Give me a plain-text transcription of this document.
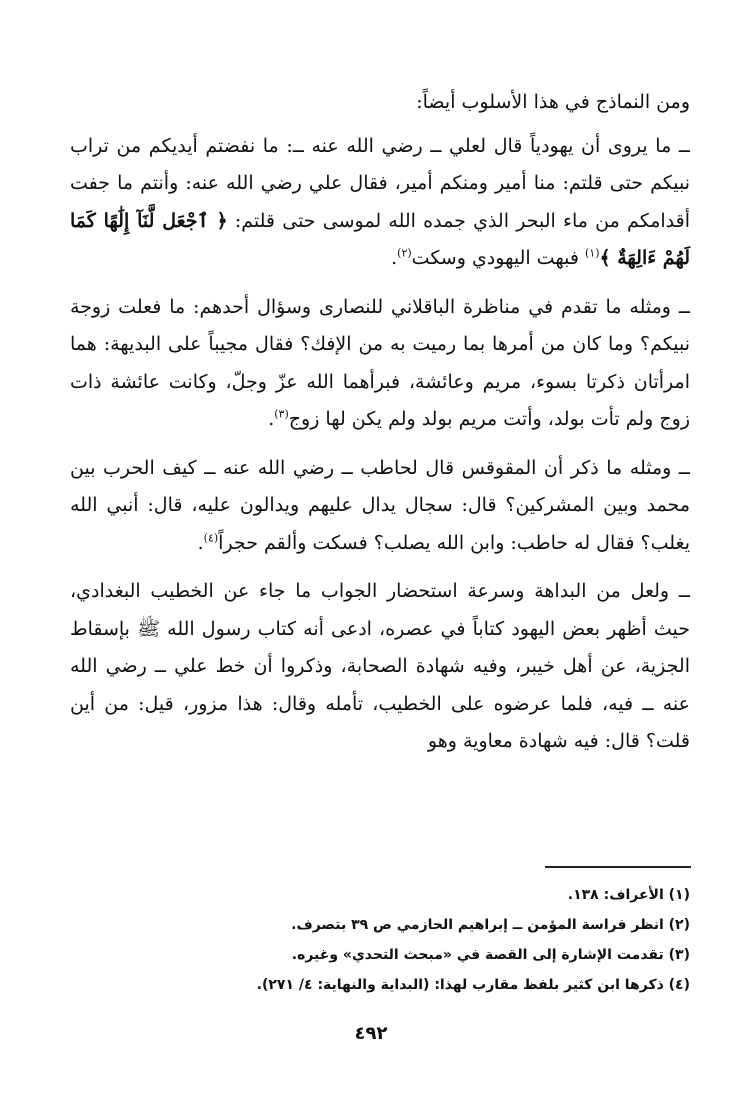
ومن النماذج في هذا الأسلوب أيضاً:

ــ ما يروى أن يهودياً قال لعلي ــ رضي الله عنه ــ: ما نفضتم أيديكم من تراب نبيكم حتى قلتم: منا أمير ومنكم أمير، فقال علي رضي الله عنه: وأنتم ما جفت أقدامكم من ماء البحر الذي جمده الله لموسى حتى قلتم: ﴿ ٱجْعَل لَّنَآ إِلَٰهًا كَمَا لَهُمْ ءَالِهَةٌ ﴾$^{(١)}$ فبهت اليهودي وسكت$^{(٢)}$.

ــ ومثله ما تقدم في مناظرة الباقلاني للنصارى وسؤال أحدهم: ما فعلت زوجة نبيكم؟ وما كان من أمرها بما رميت به من الإفك؟ فقال مجيباً على البديهة: هما امرأتان ذكرتا بسوء، مريم وعائشة، فبرأهما الله عزّ وجلّ، وكانت عائشة ذات زوج ولم تأت بولد، وأتت مريم بولد ولم يكن لها زوج$^{(٣)}$.

ــ ومثله ما ذكر أن المقوقس قال لحاطب ــ رضي الله عنه ــ كيف الحرب بين محمد وبين المشركين؟ قال: سجال يدال عليهم ويدالون عليه، قال: أنبي الله يغلب؟ فقال له حاطب: وابن الله يصلب؟ فسكت وألقم حجراً$^{(٤)}$.

ــ ولعل من البداهة وسرعة استحضار الجواب ما جاء عن الخطيب البغدادي، حيث أظهر بعض اليهود كتاباً في عصره، ادعى أنه كتاب رسول الله ﷺ بإسقاط الجزية، عن أهل خيبر، وفيه شهادة الصحابة، وذكروا أن خط علي ــ رضي الله عنه ــ فيه، فلما عرضوه على الخطيب، تأمله وقال: هذا مزور، قيل: من أين قلت؟ قال: فيه شهادة معاوية وهو

(١) الأعراف: ١٣٨.
(٢) انظر فراسة المؤمن ــ إبراهيم الحازمي ص ٣٩ بتصرف.
(٣) تقدمت الإشارة إلى القصة في «مبحث التحدي» وغيره.
(٤) ذكرها ابن كثير بلفظ مقارب لهذا: (البداية والنهاية: ٤/ ٢٧١).
٤٩٢
